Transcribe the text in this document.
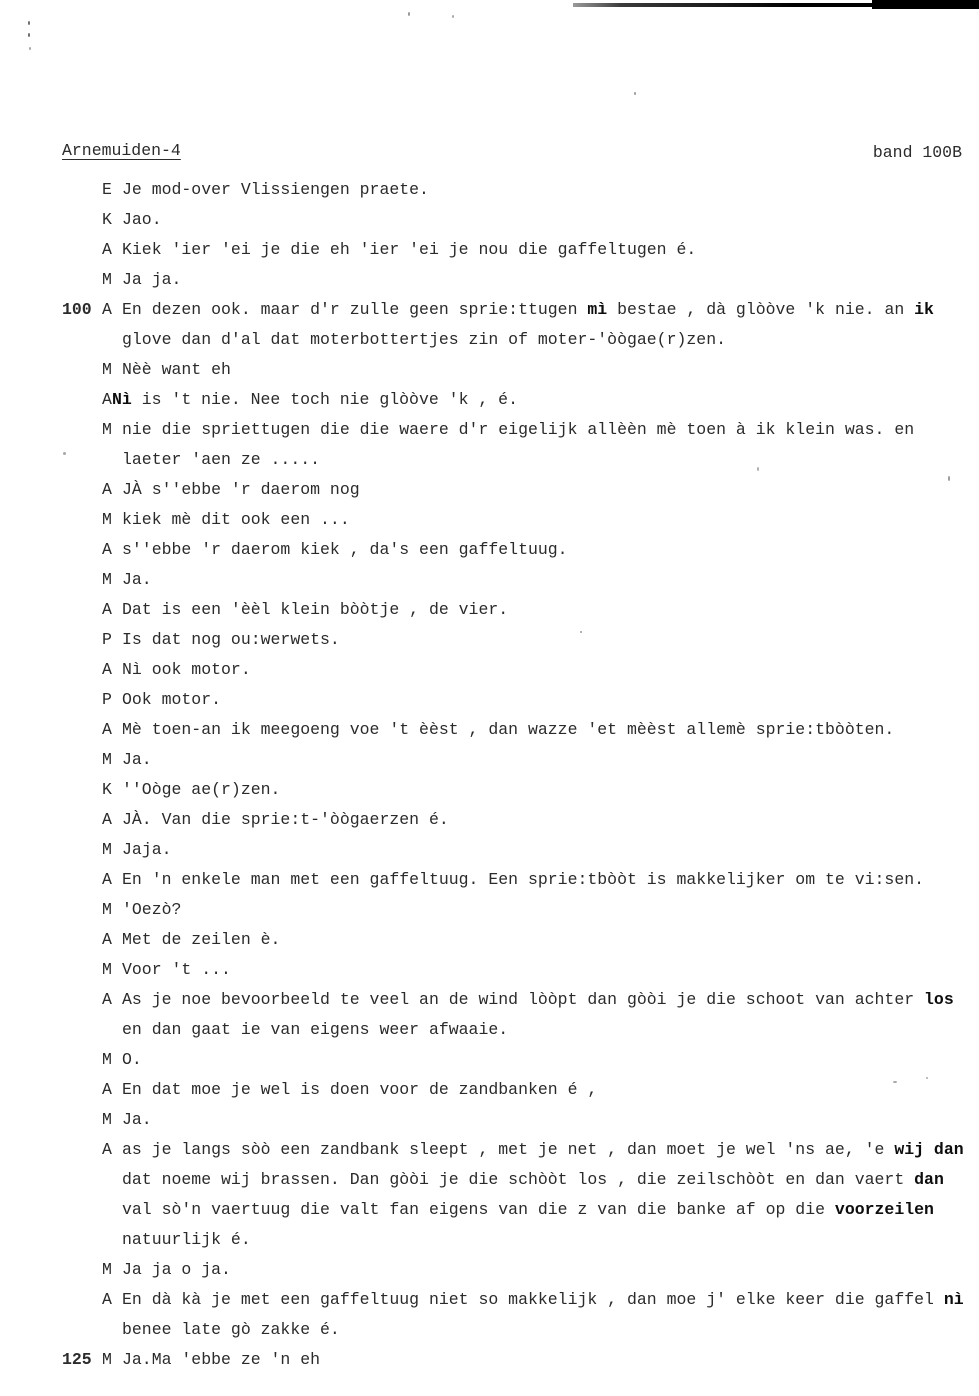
Arnemuiden-4	band 100B
E Je mod-over Vlissiengen praete.
K Jao.
A Kiek 'ier 'ei je die eh 'ier 'ei je nou die gaffeltugen é.
M Ja ja.
100 A En dezen ook. maar d'r zulle geen sprie:ttugen mì bestae , dà glòòve 'k nie. an ik
glove dan d'al dat moterbottertjes zin of moter-'òògae(r)zen.
M Nèè want eh
A Nì is 't nie. Nee toch nie glòòve 'k , é.
M nie die spriettugen die die waere d'r eigelijk allèèn mè toen à ik klein was. en
laeter 'aen ze .....
A JÀ s''ebbe 'r daerom nog
M kiek mè dit ook een ...
A s''ebbe 'r daerom kiek , da's een gaffeltuug.
M Ja.
A Dat is een 'èèl klein bòòtje , de vier.
P Is dat nog ou:werwets.
A Nì ook motor.
P Ook motor.
A Mè toen-an ik meegoeng voe 't èèst , dan wazze 'et mèèst allemè sprie:tbòòten.
M Ja.
K ''Oòge ae(r)zen.
A JÀ. Van die sprie:t-'òògaerzen é.
M Jaja.
A En 'n enkele man met een gaffeltuug. Een sprie:tbòòt is makkelijker om te vi:sen.
M 'Oezò?
A Met de zeilen è.
M Voor 't ...
A As je noe bevoorbeeld te veel an de wind lòòpt dan gòòi je die schoot van achter los
en dan gaat ie van eigens weer afwaaie.
M O.
A En dat moe je wel is doen voor de zandbanken é ,
M Ja.
A as je langs sòò een zandbank sleept , met je net , dan moet je wel 'ns ae, 'e wij dan
dat noeme wij brassen. Dan gòòi je die schòòt los , die zeilschòòt en dan vaert dan
val sò'n vaertuug die valt fan eigens van die z van die banke af op die voorzeilen
natuurlijk é.
M Ja ja o ja.
A En dà kà je met een gaffeltuug niet so makkelijk , dan moe j' elke keer die gaffel nì
benee late gò zakke é.
125 M Ja.Ma 'ebbe ze 'n eh
